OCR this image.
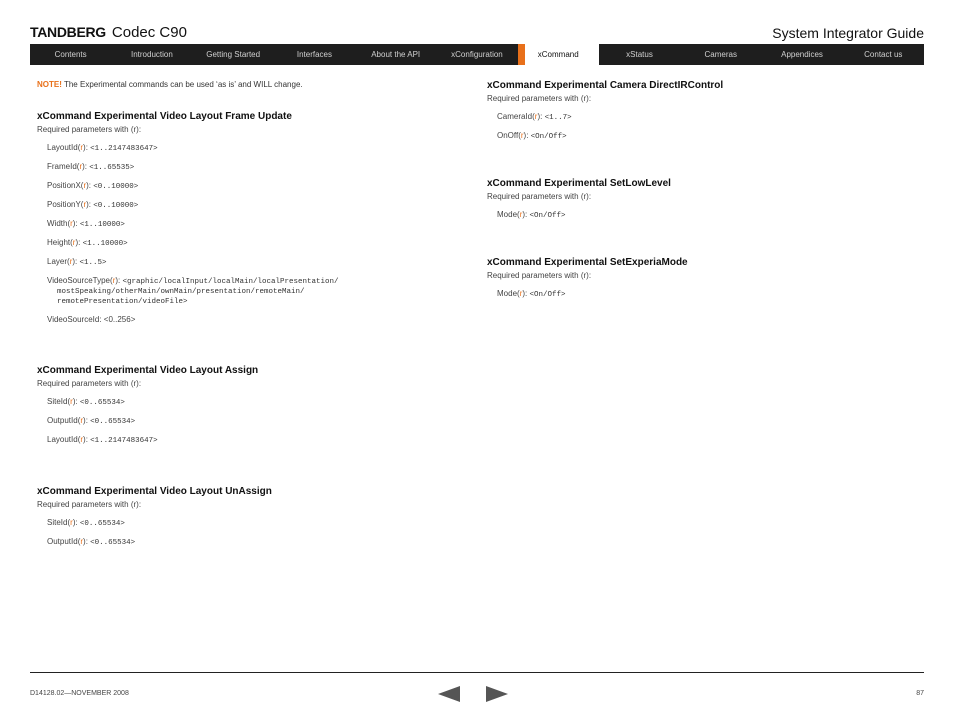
TANDBERG Codec C90	System Integrator Guide
Contents	Introduction	Getting Started	Interfaces	About the API	xConfiguration	xCommand	xStatus	Cameras	Appendices	Contact us
NOTE! The Experimental commands can be used ‘as is’ and WILL change.
xCommand Experimental Video Layout Frame Update
Required parameters with (r):
LayoutId(r): <1..2147483647>
FrameId(r): <1..65535>
PositionX(r): <0..10000>
PositionY(r): <0..10000>
Width(r): <1..10000>
Height(r): <1..10000>
Layer(r): <1..5>
VideoSourceType(r): <graphic/localInput/localMain/localPresentation/
mostSpeaking/otherMain/ownMain/presentation/remoteMain/
remotePresentation/videoFile>
VideoSourceId: <0..256>
xCommand Experimental Video Layout Assign
Required parameters with (r):
SiteId(r): <0..65534>
OutputId(r): <0..65534>
LayoutId(r): <1..2147483647>
xCommand Experimental Video Layout UnAssign
Required parameters with (r):
SiteId(r): <0..65534>
OutputId(r): <0..65534>
xCommand Experimental Camera DirectIRControl
Required parameters with (r):
CameraId(r): <1..7>
OnOff(r): <On/Off>
xCommand Experimental SetLowLevel
Required parameters with (r):
Mode(r): <On/Off>
xCommand Experimental SetExperiaMode
Required parameters with (r):
Mode(r): <On/Off>
D14128.02—NOVEMBER 2008	87
